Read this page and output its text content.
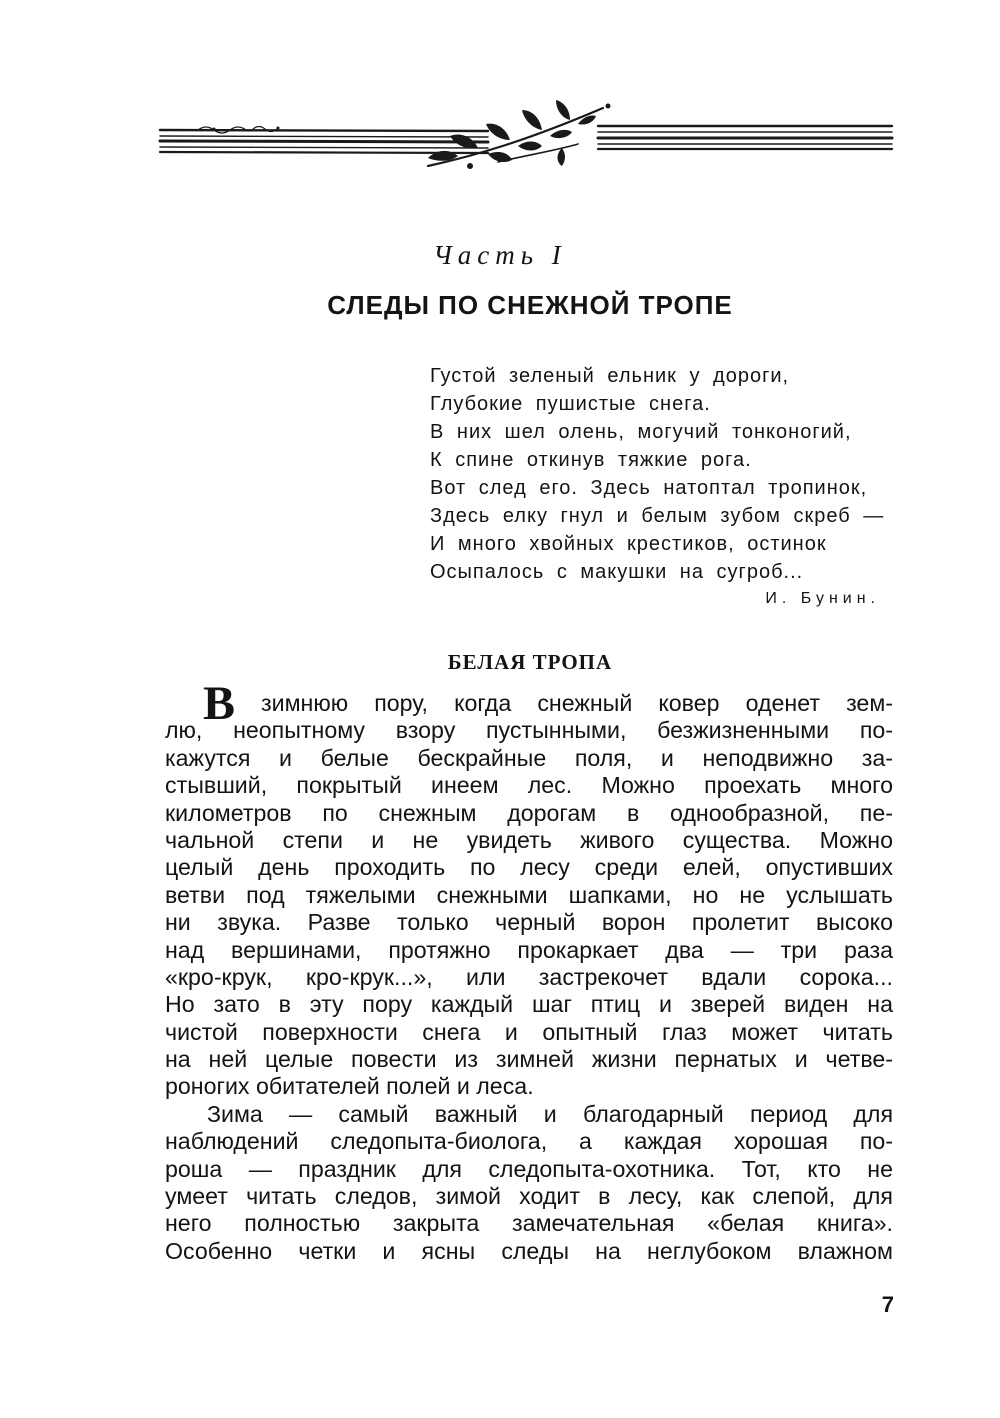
Часть I
СЛЕДЫ ПО СНЕЖНОЙ ТРОПЕ
Густой зеленый ельник у дороги,
Глубокие пушистые снега.
В них шел олень, могучий тонконогий,
К спине откинув тяжкие рога.
Вот след его. Здесь натоптал тропинок,
Здесь елку гнул и белым зубом скреб —
И много хвойных крестиков, остинок
Осыпалось с макушки на сугроб...
И. Бунин.
БЕЛАЯ ТРОПА
В зимнюю пору, когда снежный ковер оденет зем-
лю, неопытному взору пустынными, безжизненными по-
кажутся и белые бескрайные поля, и неподвижно за-
стывший, покрытый инеем лес. Можно проехать много
километров по снежным дорогам в однообразной, пе-
чальной степи и не увидеть живого существа. Можно
целый день проходить по лесу среди елей, опустивших
ветви под тяжелыми снежными шапками, но не услышать
ни звука. Разве только черный ворон пролетит высоко
над вершинами, протяжно прокаркает два — три раза
«кро-крук, кро-крук...», или застрекочет вдали сорока...
Но зато в эту пору каждый шаг птиц и зверей виден на
чистой поверхности снега и опытный глаз может читать
на ней целые повести из зимней жизни пернатых и четве-
роногих обитателей полей и леса.
Зима — самый важный и благодарный период для
наблюдений следопыта-биолога, а каждая хорошая по-
роша — праздник для следопыта-охотника. Тот, кто не
умеет читать следов, зимой ходит в лесу, как слепой, для
него полностью закрыта замечательная «белая книга».
Особенно четки и ясны следы на неглубоком влажном
7
